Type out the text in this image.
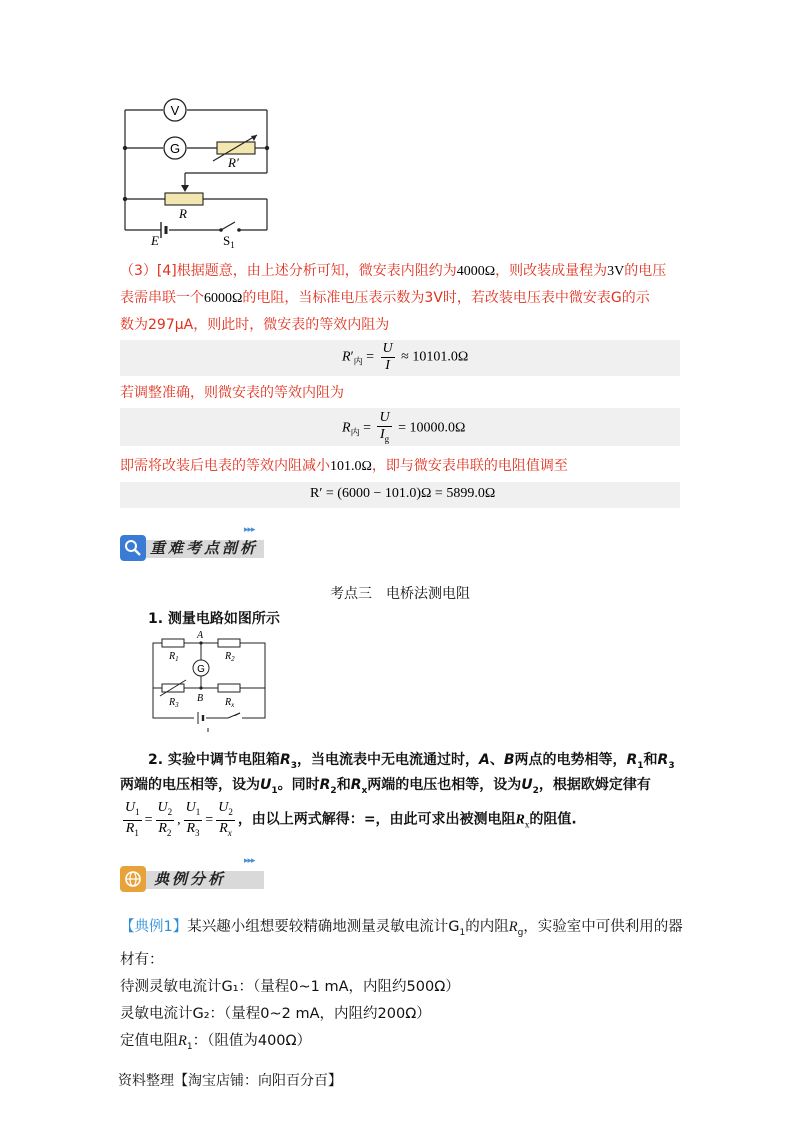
V
G
R′
R
E	$S_1$
（3）[4]根据题意，由上述分析可知，微安表内阻约为4000Ω，则改装成量程为3V的电压
表需串联一个6000Ω的电阻，当标准电压表示数为3V时，若改装电压表中微安表G的示
数为297μA，则此时，微安表的等效内阻为
$R'_内 = \frac{U}{I} \approx 10101.0\Omega$
若调整准确，则微安表的等效内阻为
$R_内 = \frac{U}{I_g} = 10000.0\Omega$
即需将改装后电表的等效内阻减小101.0Ω，即与微安表串联的电阻值调至
R′ = (6000 − 101.0)Ω = 5899.0Ω
重难考点剖析
▸▸▸
考点三　电桥法测电阻
1. 测量电路如图所示
G
A
B
$R_1$	$R_2$
$R_3$	$R_x$
2. 实验中调节电阻箱$R_3$，当电流表中无电流通过时，A、B两点的电势相等，$R_1$和$R_3$
两端的电压相等，设为$U_1$。同时$R_2$和$R_x$两端的电压也相等，设为$U_2$，根据欧姆定律有
$\frac{U_1}{R_1} = \frac{U_2}{R_2}$ , $\frac{U_1}{R_3} = \frac{U_2}{R_x}$ ，由以上两式解得：=，由此可求出被测电阻$R_x$的阻值.
典例分析
▸▸▸
【典例1】某兴趣小组想要较精确地测量灵敏电流计$G_1$的内阻$R_g$，实验室中可供利用的器
材有：
待测灵敏电流计G₁：（量程0~1 mA，内阻约500Ω）
灵敏电流计G₂：（量程0~2 mA，内阻约200Ω）
定值电阻$R_1$：（阻值为400Ω）
资料整理【淘宝店铺：向阳百分百】
